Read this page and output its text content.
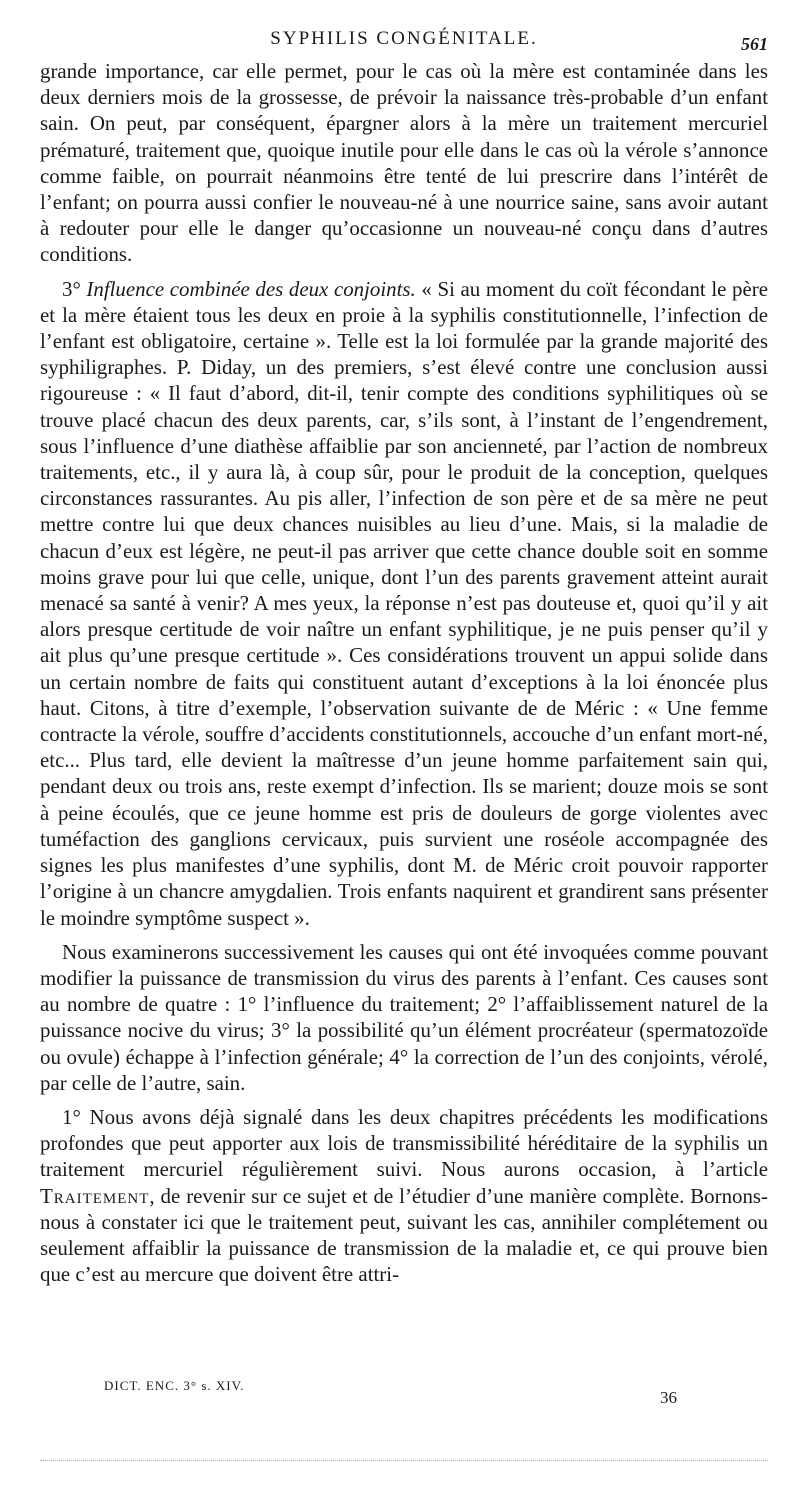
SYPHILIS CONGÉNITALE.	561

grande importance, car elle permet, pour le cas où la mère est contaminée dans les deux derniers mois de la grossesse, de prévoir la naissance très-probable d’un enfant sain. On peut, par conséquent, épargner alors à la mère un traitement mercuriel prématuré, traitement que, quoique inutile pour elle dans le cas où la vérole s’annonce comme faible, on pourrait néanmoins être tenté de lui prescrire dans l’intérêt de l’enfant; on pourra aussi confier le nouveau-né à une nourrice saine, sans avoir autant à redouter pour elle le danger qu’occasionne un nouveau-né conçu dans d’autres conditions.

3° Influence combinée des deux conjoints. « Si au moment du coït fécondant le père et la mère étaient tous les deux en proie à la syphilis constitutionnelle, l’infection de l’enfant est obligatoire, certaine ». Telle est la loi formulée par la grande majorité des syphiligraphes. P. Diday, un des premiers, s’est élevé contre une conclusion aussi rigoureuse : « Il faut d’abord, dit-il, tenir compte des conditions syphilitiques où se trouve placé chacun des deux parents, car, s’ils sont, à l’instant de l’engendrement, sous l’influence d’une diathèse affaiblie par son ancienneté, par l’action de nombreux traitements, etc., il y aura là, à coup sûr, pour le produit de la conception, quelques circonstances rassurantes. Au pis aller, l’infection de son père et de sa mère ne peut mettre contre lui que deux chances nuisibles au lieu d’une. Mais, si la maladie de chacun d’eux est légère, ne peut-il pas arriver que cette chance double soit en somme moins grave pour lui que celle, unique, dont l’un des parents gravement atteint aurait menacé sa santé à venir? A mes yeux, la réponse n’est pas douteuse et, quoi qu’il y ait alors presque certitude de voir naître un enfant syphilitique, je ne puis penser qu’il y ait plus qu’une presque certitude ». Ces considérations trouvent un appui solide dans un certain nombre de faits qui constituent autant d’exceptions à la loi énoncée plus haut. Citons, à titre d’exemple, l’observation suivante de de Méric : « Une femme contracte la vérole, souffre d’accidents constitutionnels, accouche d’un enfant mort-né, etc... Plus tard, elle devient la maîtresse d’un jeune homme parfaitement sain qui, pendant deux ou trois ans, reste exempt d’infection. Ils se marient; douze mois se sont à peine écoulés, que ce jeune homme est pris de douleurs de gorge violentes avec tuméfaction des ganglions cervicaux, puis survient une roséole accompagnée des signes les plus manifestes d’une syphilis, dont M. de Méric croit pouvoir rapporter l’origine à un chancre amygdalien. Trois enfants naquirent et grandirent sans présenter le moindre symptôme suspect ».

Nous examinerons successivement les causes qui ont été invoquées comme pouvant modifier la puissance de transmission du virus des parents à l’enfant. Ces causes sont au nombre de quatre : 1° l’influence du traitement; 2° l’affaiblissement naturel de la puissance nocive du virus; 3° la possibilité qu’un élément procréateur (spermatozoïde ou ovule) échappe à l’infection générale; 4° la correction de l’un des conjoints, vérolé, par celle de l’autre, sain.

1° Nous avons déjà signalé dans les deux chapitres précédents les modifications profondes que peut apporter aux lois de transmissibilité héréditaire de la syphilis un traitement mercuriel régulièrement suivi. Nous aurons occasion, à l’article Traitement, de revenir sur ce sujet et de l’étudier d’une manière complète. Bornons-nous à constater ici que le traitement peut, suivant les cas, annihiler complétement ou seulement affaiblir la puissance de transmission de la maladie et, ce qui prouve bien que c’est au mercure que doivent être attri-

DICT. ENC. 3° s. XIV.
36
